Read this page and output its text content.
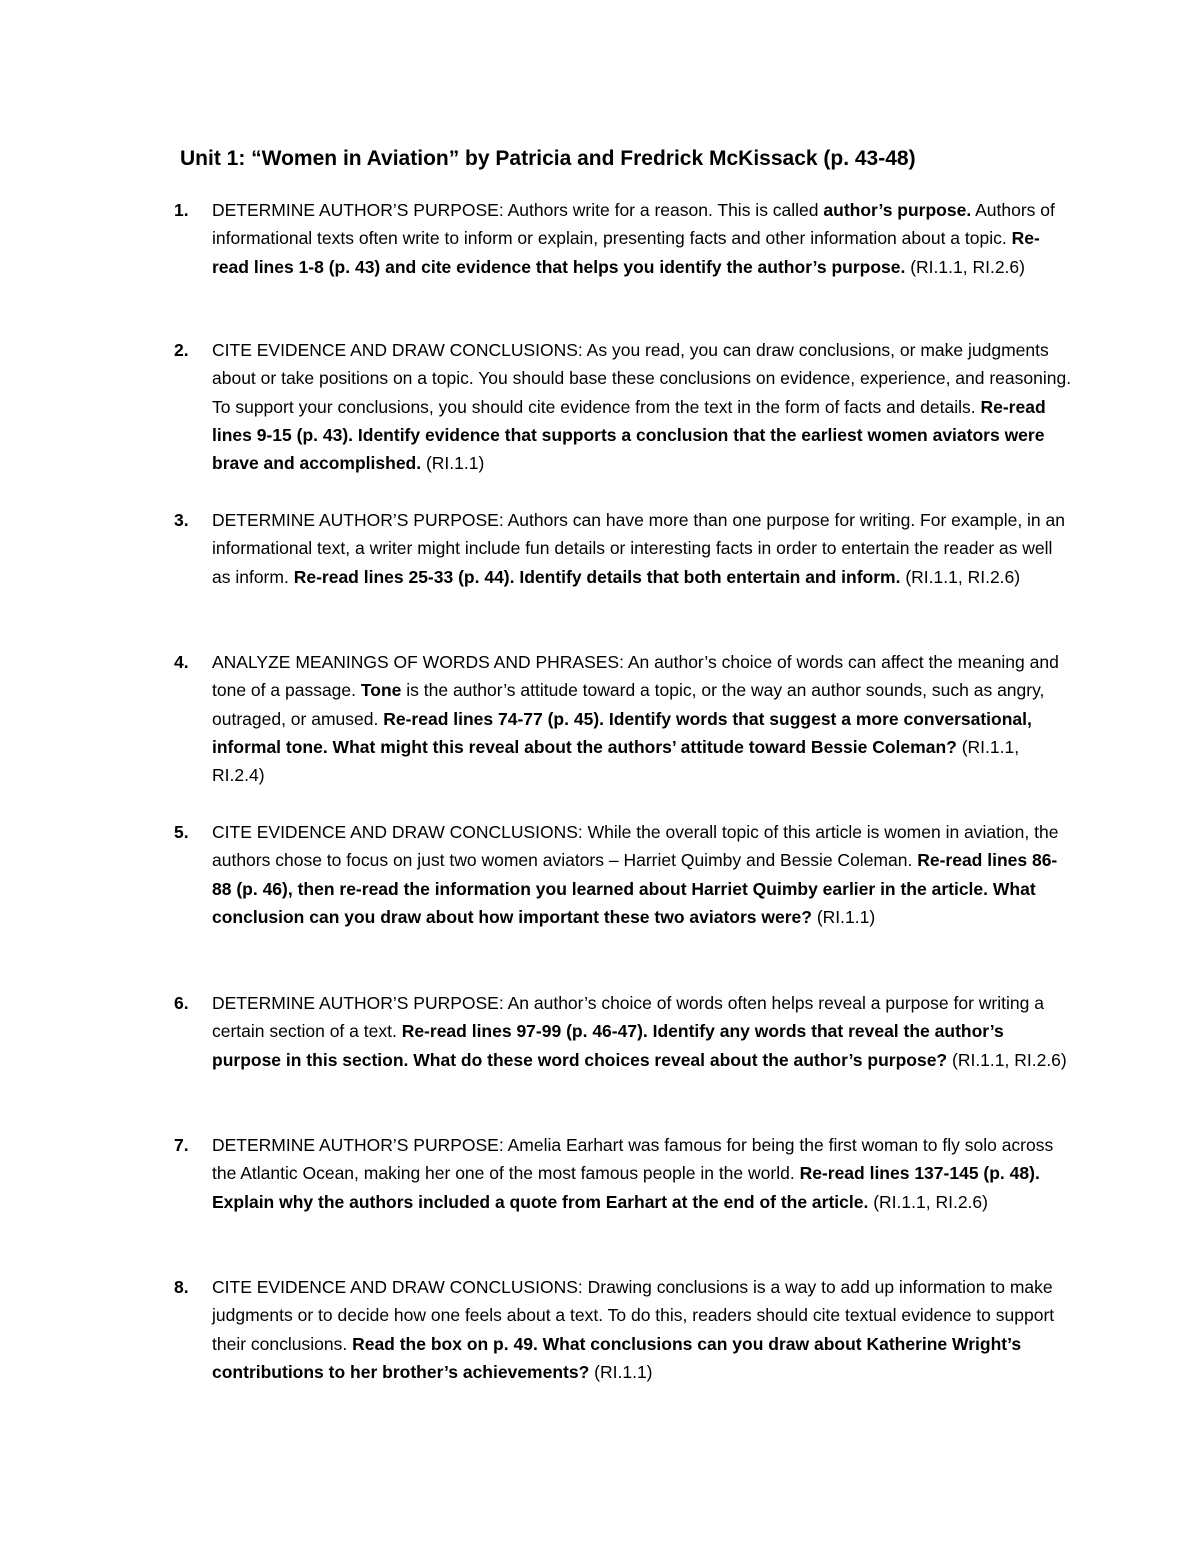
Unit 1: “Women in Aviation” by Patricia and Fredrick McKissack (p. 43-48)
1.	DETERMINE AUTHOR’S PURPOSE: Authors write for a reason. This is called author’s purpose. Authors of informational texts often write to inform or explain, presenting facts and other information about a topic. Re-read lines 1-8 (p. 43) and cite evidence that helps you identify the author’s purpose. (RI.1.1, RI.2.6)
2.	CITE EVIDENCE AND DRAW CONCLUSIONS: As you read, you can draw conclusions, or make judgments about or take positions on a topic. You should base these conclusions on evidence, experience, and reasoning. To support your conclusions, you should cite evidence from the text in the form of facts and details. Re-read lines 9-15 (p. 43). Identify evidence that supports a conclusion that the earliest women aviators were brave and accomplished. (RI.1.1)
3.	DETERMINE AUTHOR’S PURPOSE: Authors can have more than one purpose for writing. For example, in an informational text, a writer might include fun details or interesting facts in order to entertain the reader as well as inform. Re-read lines 25-33 (p. 44). Identify details that both entertain and inform. (RI.1.1, RI.2.6)
4.	ANALYZE MEANINGS OF WORDS AND PHRASES: An author’s choice of words can affect the meaning and tone of a passage. Tone is the author’s attitude toward a topic, or the way an author sounds, such as angry, outraged, or amused. Re-read lines 74-77 (p. 45). Identify words that suggest a more conversational, informal tone. What might this reveal about the authors’ attitude toward Bessie Coleman? (RI.1.1, RI.2.4)
5.	CITE EVIDENCE AND DRAW CONCLUSIONS: While the overall topic of this article is women in aviation, the authors chose to focus on just two women aviators – Harriet Quimby and Bessie Coleman. Re-read lines 86-88 (p. 46), then re-read the information you learned about Harriet Quimby earlier in the article. What conclusion can you draw about how important these two aviators were? (RI.1.1)
6.	DETERMINE AUTHOR’S PURPOSE: An author’s choice of words often helps reveal a purpose for writing a certain section of a text. Re-read lines 97-99 (p. 46-47). Identify any words that reveal the author’s purpose in this section. What do these word choices reveal about the author’s purpose? (RI.1.1, RI.2.6)
7.	DETERMINE AUTHOR’S PURPOSE: Amelia Earhart was famous for being the first woman to fly solo across the Atlantic Ocean, making her one of the most famous people in the world. Re-read lines 137-145 (p. 48). Explain why the authors included a quote from Earhart at the end of the article. (RI.1.1, RI.2.6)
8.	CITE EVIDENCE AND DRAW CONCLUSIONS: Drawing conclusions is a way to add up information to make judgments or to decide how one feels about a text. To do this, readers should cite textual evidence to support their conclusions. Read the box on p. 49. What conclusions can you draw about Katherine Wright’s contributions to her brother’s achievements? (RI.1.1)
